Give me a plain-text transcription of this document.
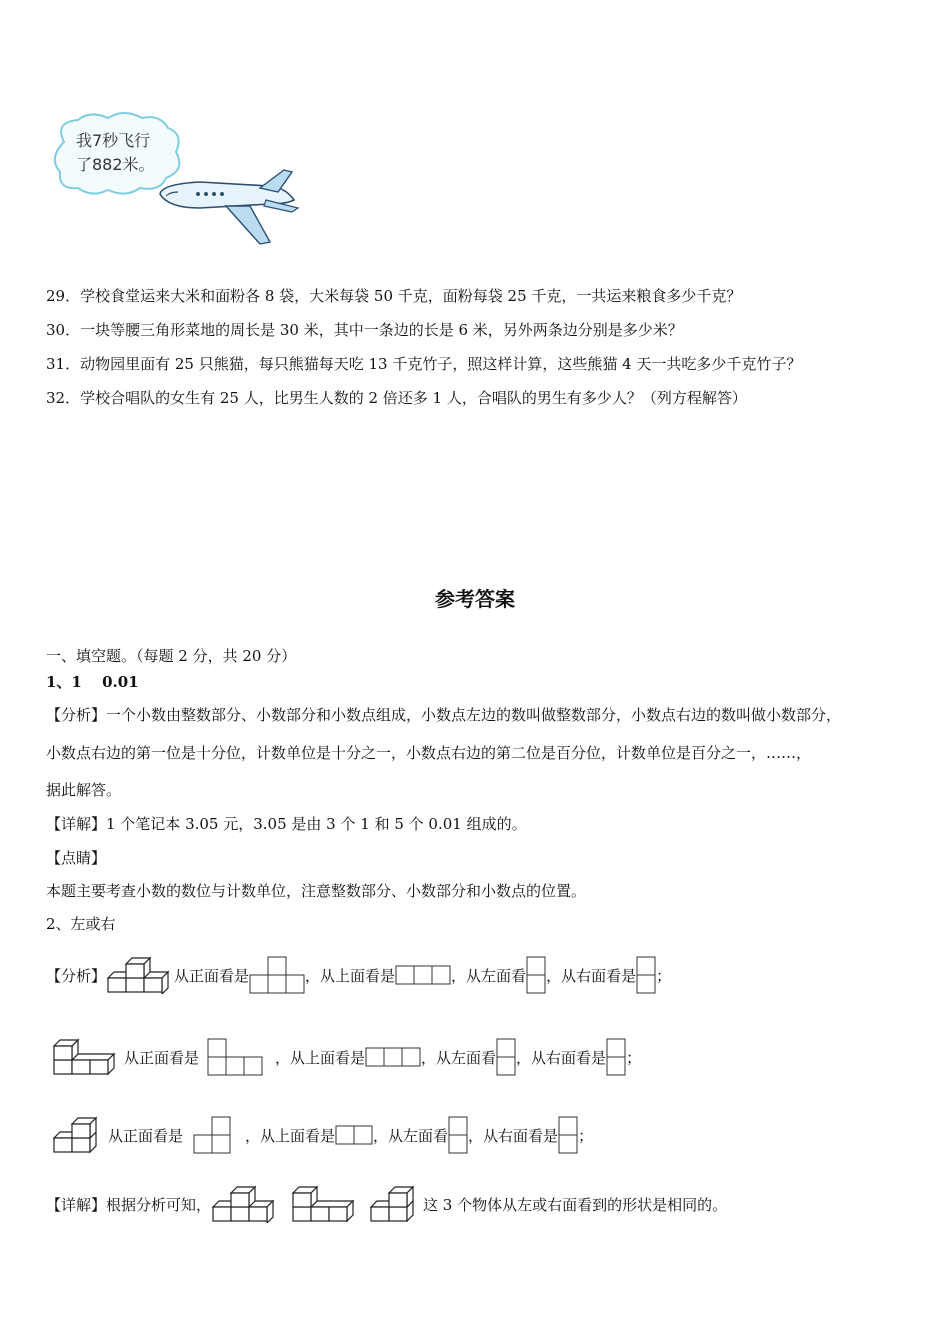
我7秒飞行
了882米。
29．学校食堂运来大米和面粉各 8 袋，大米每袋 50 千克，面粉每袋 25 千克，一共运来粮食多少千克？
30．一块等腰三角形菜地的周长是 30 米，其中一条边的长是 6 米，另外两条边分别是多少米？
31．动物园里面有 25 只熊猫，每只熊猫每天吃 13 千克竹子，照这样计算，这些熊猫 4 天一共吃多少千克竹子？
32．学校合唱队的女生有 25 人，比男生人数的 2 倍还多 1 人，合唱队的男生有多少人？（列方程解答）
参考答案
一、填空题。（每题 2 分，共 20 分）
1、1　 0.01
【分析】一个小数由整数部分、小数部分和小数点组成，小数点左边的数叫做整数部分，小数点右边的数叫做小数部分，
小数点右边的第一位是十分位，计数单位是十分之一，小数点右边的第二位是百分位，计数单位是百分之一，……，
据此解答。
【详解】1 个笔记本 3.05 元，3.05 是由 3 个 1 和 5 个 0.01 组成的。
【点睛】
本题主要考查小数的数位与计数单位，注意整数部分、小数部分和小数点的位置。
2、左或右
【分析】	从正面看是	，从上面看是	，从左面看 ，从右面看是 ；
从正面看是	，从上面看是	，从左面看 ，从右面看是 ；
从正面看是	，从上面看是	，从左面看 ，从右面看是 ；
【详解】根据分析可知，	这 3 个物体从左或右面看到的形状是相同的。
